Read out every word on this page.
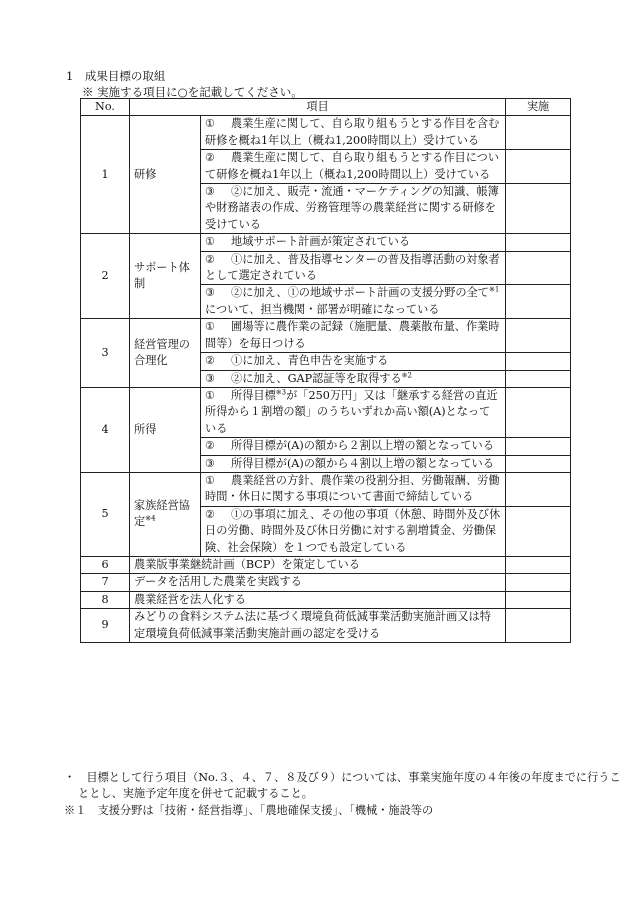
1　成果目標の取組
※ 実施する項目に○を記載してください。
No.	項目		実施
1	研修	① 農業生産に関して、自ら取り組もうとする作目を含む研修を概ね1年以上（概ね1,200時間以上）受けている	
		② 農業生産に関して、自ら取り組もうとする作目について研修を概ね1年以上（概ね1,200時間以上）受けている	
		③ ②に加え、販売・流通・マーケティングの知識、帳簿や財務諸表の作成、労務管理等の農業経営に関する研修を受けている	
2	サポート体制	① 地域サポート計画が策定されている	
		② ①に加え、普及指導センターの普及指導活動の対象者として選定されている	
		③ ②に加え、①の地域サポート計画の支援分野の全て$^{※1}$について、担当機関・部署が明確になっている	
3	経営管理の合理化	① 圃場等に農作業の記録（施肥量、農薬散布量、作業時間等）を毎日つける	
		② ①に加え、青色申告を実施する	
		③ ②に加え、GAP認証等を取得する$^{※2}$	
4	所得	① 所得目標$^{※3}$が「250万円」又は「継承する経営の直近所得から１割増の額」のうちいずれか高い額(A)となっている	
		② 所得目標が(A)の額から２割以上増の額となっている	
		③ 所得目標が(A)の額から４割以上増の額となっている	
5	家族経営協定$^{※4}$	① 農業経営の方針、農作業の役割分担、労働報酬、労働時間・休日に関する事項について書面で締結している	
		② ①の事項に加え、その他の事項（休憩、時間外及び休日の労働、時間外及び休日労働に対する割増賃金、労働保険、社会保険）を１つでも設定している	
6	農業版事業継続計画（BCP）を策定している		
7	データを活用した農業を実践する		
8	農業経営を法人化する		
9	みどりの食料システム法に基づく環境負荷低減事業活動実施計画又は特定環境負荷低減事業活動実施計画の認定を受ける		

・　目標として行う項目（No.３、４、７、８及び９）については、事業実施年度の４年後の年度までに行うこととし、実施予定年度を併せて記載すること。

※１　支援分野は「技術・経営指導」、「農地確保支援」、「機械・施設等の
